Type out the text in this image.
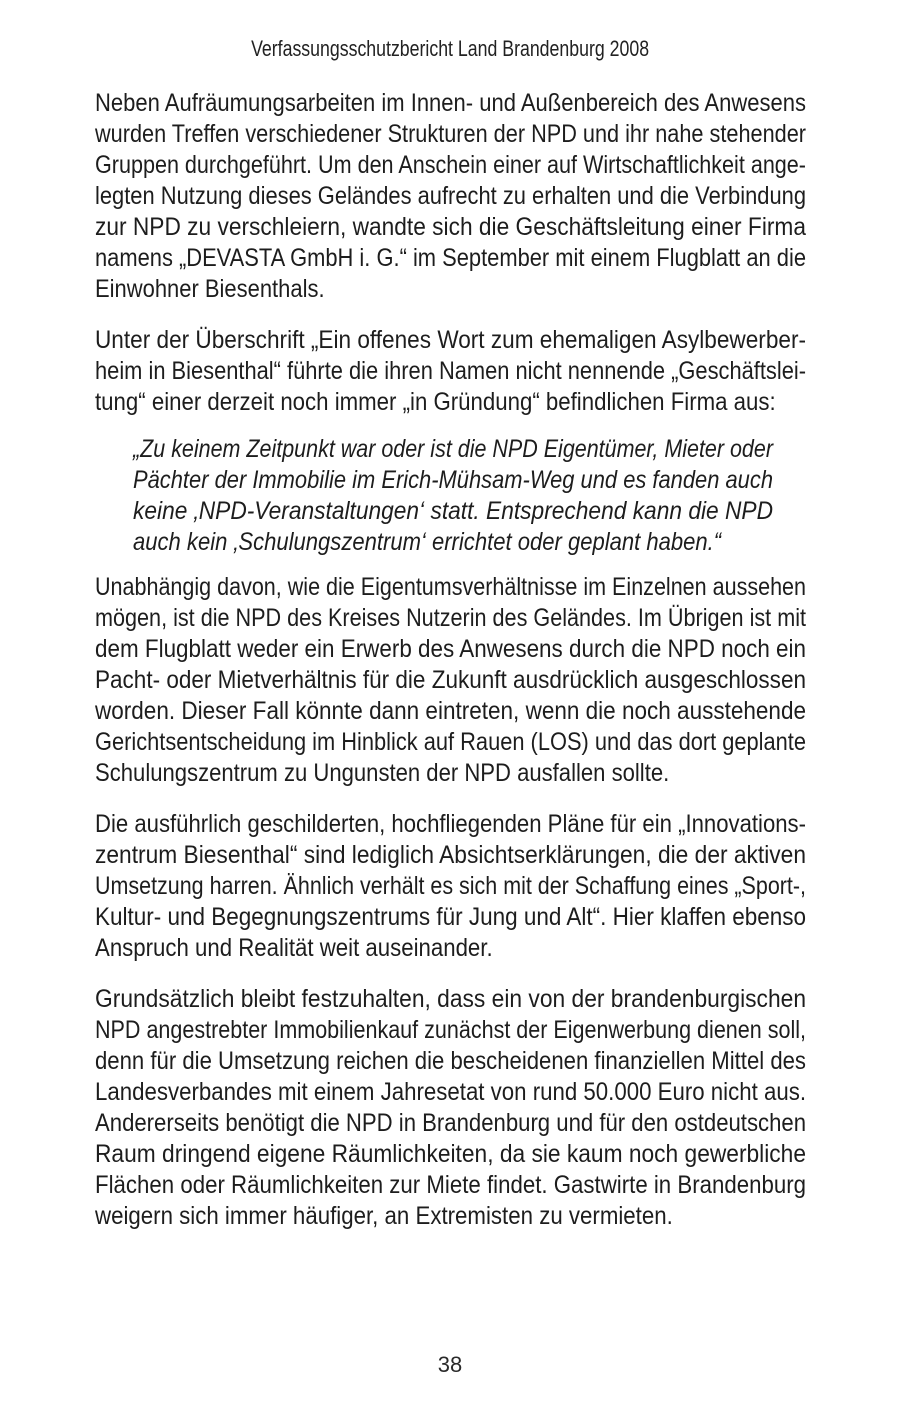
Verfassungsschutzbericht Land Brandenburg 2008
Neben Aufräumungsarbeiten im Innen- und Außenbereich des Anwesens
wurden Treffen verschiedener Strukturen der NPD und ihr nahe stehender
Gruppen durchgeführt. Um den Anschein einer auf Wirtschaftlichkeit ange-
legten Nutzung dieses Geländes aufrecht zu erhalten und die Verbindung
zur NPD zu verschleiern, wandte sich die Geschäftsleitung einer Firma
namens „DEVASTA GmbH i. G.“ im September mit einem Flugblatt an die
Einwohner Biesenthals.
Unter der Überschrift „Ein offenes Wort zum ehemaligen Asylbewerber-
heim in Biesenthal“ führte die ihren Namen nicht nennende „Geschäftslei-
tung“ einer derzeit noch immer „in Gründung“ befindlichen Firma aus:
„Zu keinem Zeitpunkt war oder ist die NPD Eigentümer, Mieter oder
Pächter der Immobilie im Erich-Mühsam-Weg und es fanden auch
keine ‚NPD-Veranstaltungen‘ statt. Entsprechend kann die NPD
auch kein ‚Schulungszentrum‘ errichtet oder geplant haben.“
Unabhängig davon, wie die Eigentumsverhältnisse im Einzelnen aussehen
mögen, ist die NPD des Kreises Nutzerin des Geländes. Im Übrigen ist mit
dem Flugblatt weder ein Erwerb des Anwesens durch die NPD noch ein
Pacht- oder Mietverhältnis für die Zukunft ausdrücklich ausgeschlossen
worden. Dieser Fall könnte dann eintreten, wenn die noch ausstehende
Gerichtsentscheidung im Hinblick auf Rauen (LOS) und das dort geplante
Schulungszentrum zu Ungunsten der NPD ausfallen sollte.
Die ausführlich geschilderten, hochfliegenden Pläne für ein „Innovations-
zentrum Biesenthal“ sind lediglich Absichtserklärungen, die der aktiven
Umsetzung harren. Ähnlich verhält es sich mit der Schaffung eines „Sport-,
Kultur- und Begegnungszentrums für Jung und Alt“. Hier klaffen ebenso
Anspruch und Realität weit auseinander.
Grundsätzlich bleibt festzuhalten, dass ein von der brandenburgischen
NPD angestrebter Immobilienkauf zunächst der Eigenwerbung dienen soll,
denn für die Umsetzung reichen die bescheidenen finanziellen Mittel des
Landesverbandes mit einem Jahresetat von rund 50.000 Euro nicht aus.
Andererseits benötigt die NPD in Brandenburg und für den ostdeutschen
Raum dringend eigene Räumlichkeiten, da sie kaum noch gewerbliche
Flächen oder Räumlichkeiten zur Miete findet. Gastwirte in Brandenburg
weigern sich immer häufiger, an Extremisten zu vermieten.
38
